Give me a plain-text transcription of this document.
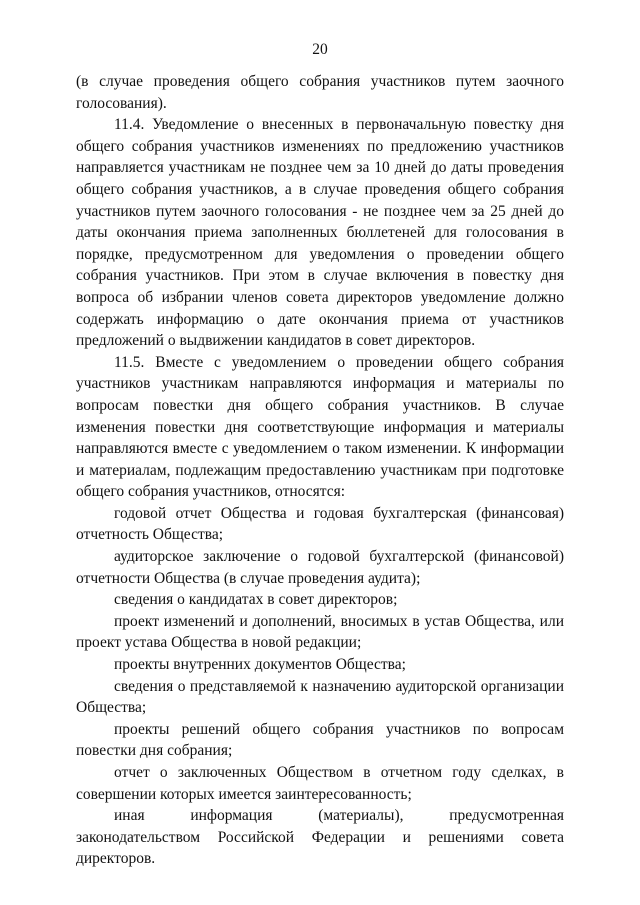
20

(в случае проведения общего собрания участников путем заочного голосования).

11.4. Уведомление о внесенных в первоначальную повестку дня общего собрания участников изменениях по предложению участников направляется участникам не позднее чем за 10 дней до даты проведения общего собрания участников, а в случае проведения общего собрания участников путем заочного голосования - не позднее чем за 25 дней до даты окончания приема заполненных бюллетеней для голосования в порядке, предусмотренном для уведомления о проведении общего собрания участников. При этом в случае включения в повестку дня вопроса об избрании членов совета директоров уведомление должно содержать информацию о дате окончания приема от участников предложений о выдвижении кандидатов в совет директоров.

11.5. Вместе с уведомлением о проведении общего собрания участников участникам направляются информация и материалы по вопросам повестки дня общего собрания участников. В случае изменения повестки дня соответствующие информация и материалы направляются вместе с уведомлением о таком изменении. К информации и материалам, подлежащим предоставлению участникам при подготовке общего собрания участников, относятся:

годовой отчет Общества и годовая бухгалтерская (финансовая) отчетность Общества;

аудиторское заключение о годовой бухгалтерской (финансовой) отчетности Общества (в случае проведения аудита);

сведения о кандидатах в совет директоров;

проект изменений и дополнений, вносимых в устав Общества, или проект устава Общества в новой редакции;

проекты внутренних документов Общества;

сведения о представляемой к назначению аудиторской организации Общества;

проекты решений общего собрания участников по вопросам повестки дня собрания;

отчет о заключенных Обществом в отчетном году сделках, в совершении которых имеется заинтересованность;

иная информация (материалы), предусмотренная законодательством Российской Федерации и решениями совета директоров.
